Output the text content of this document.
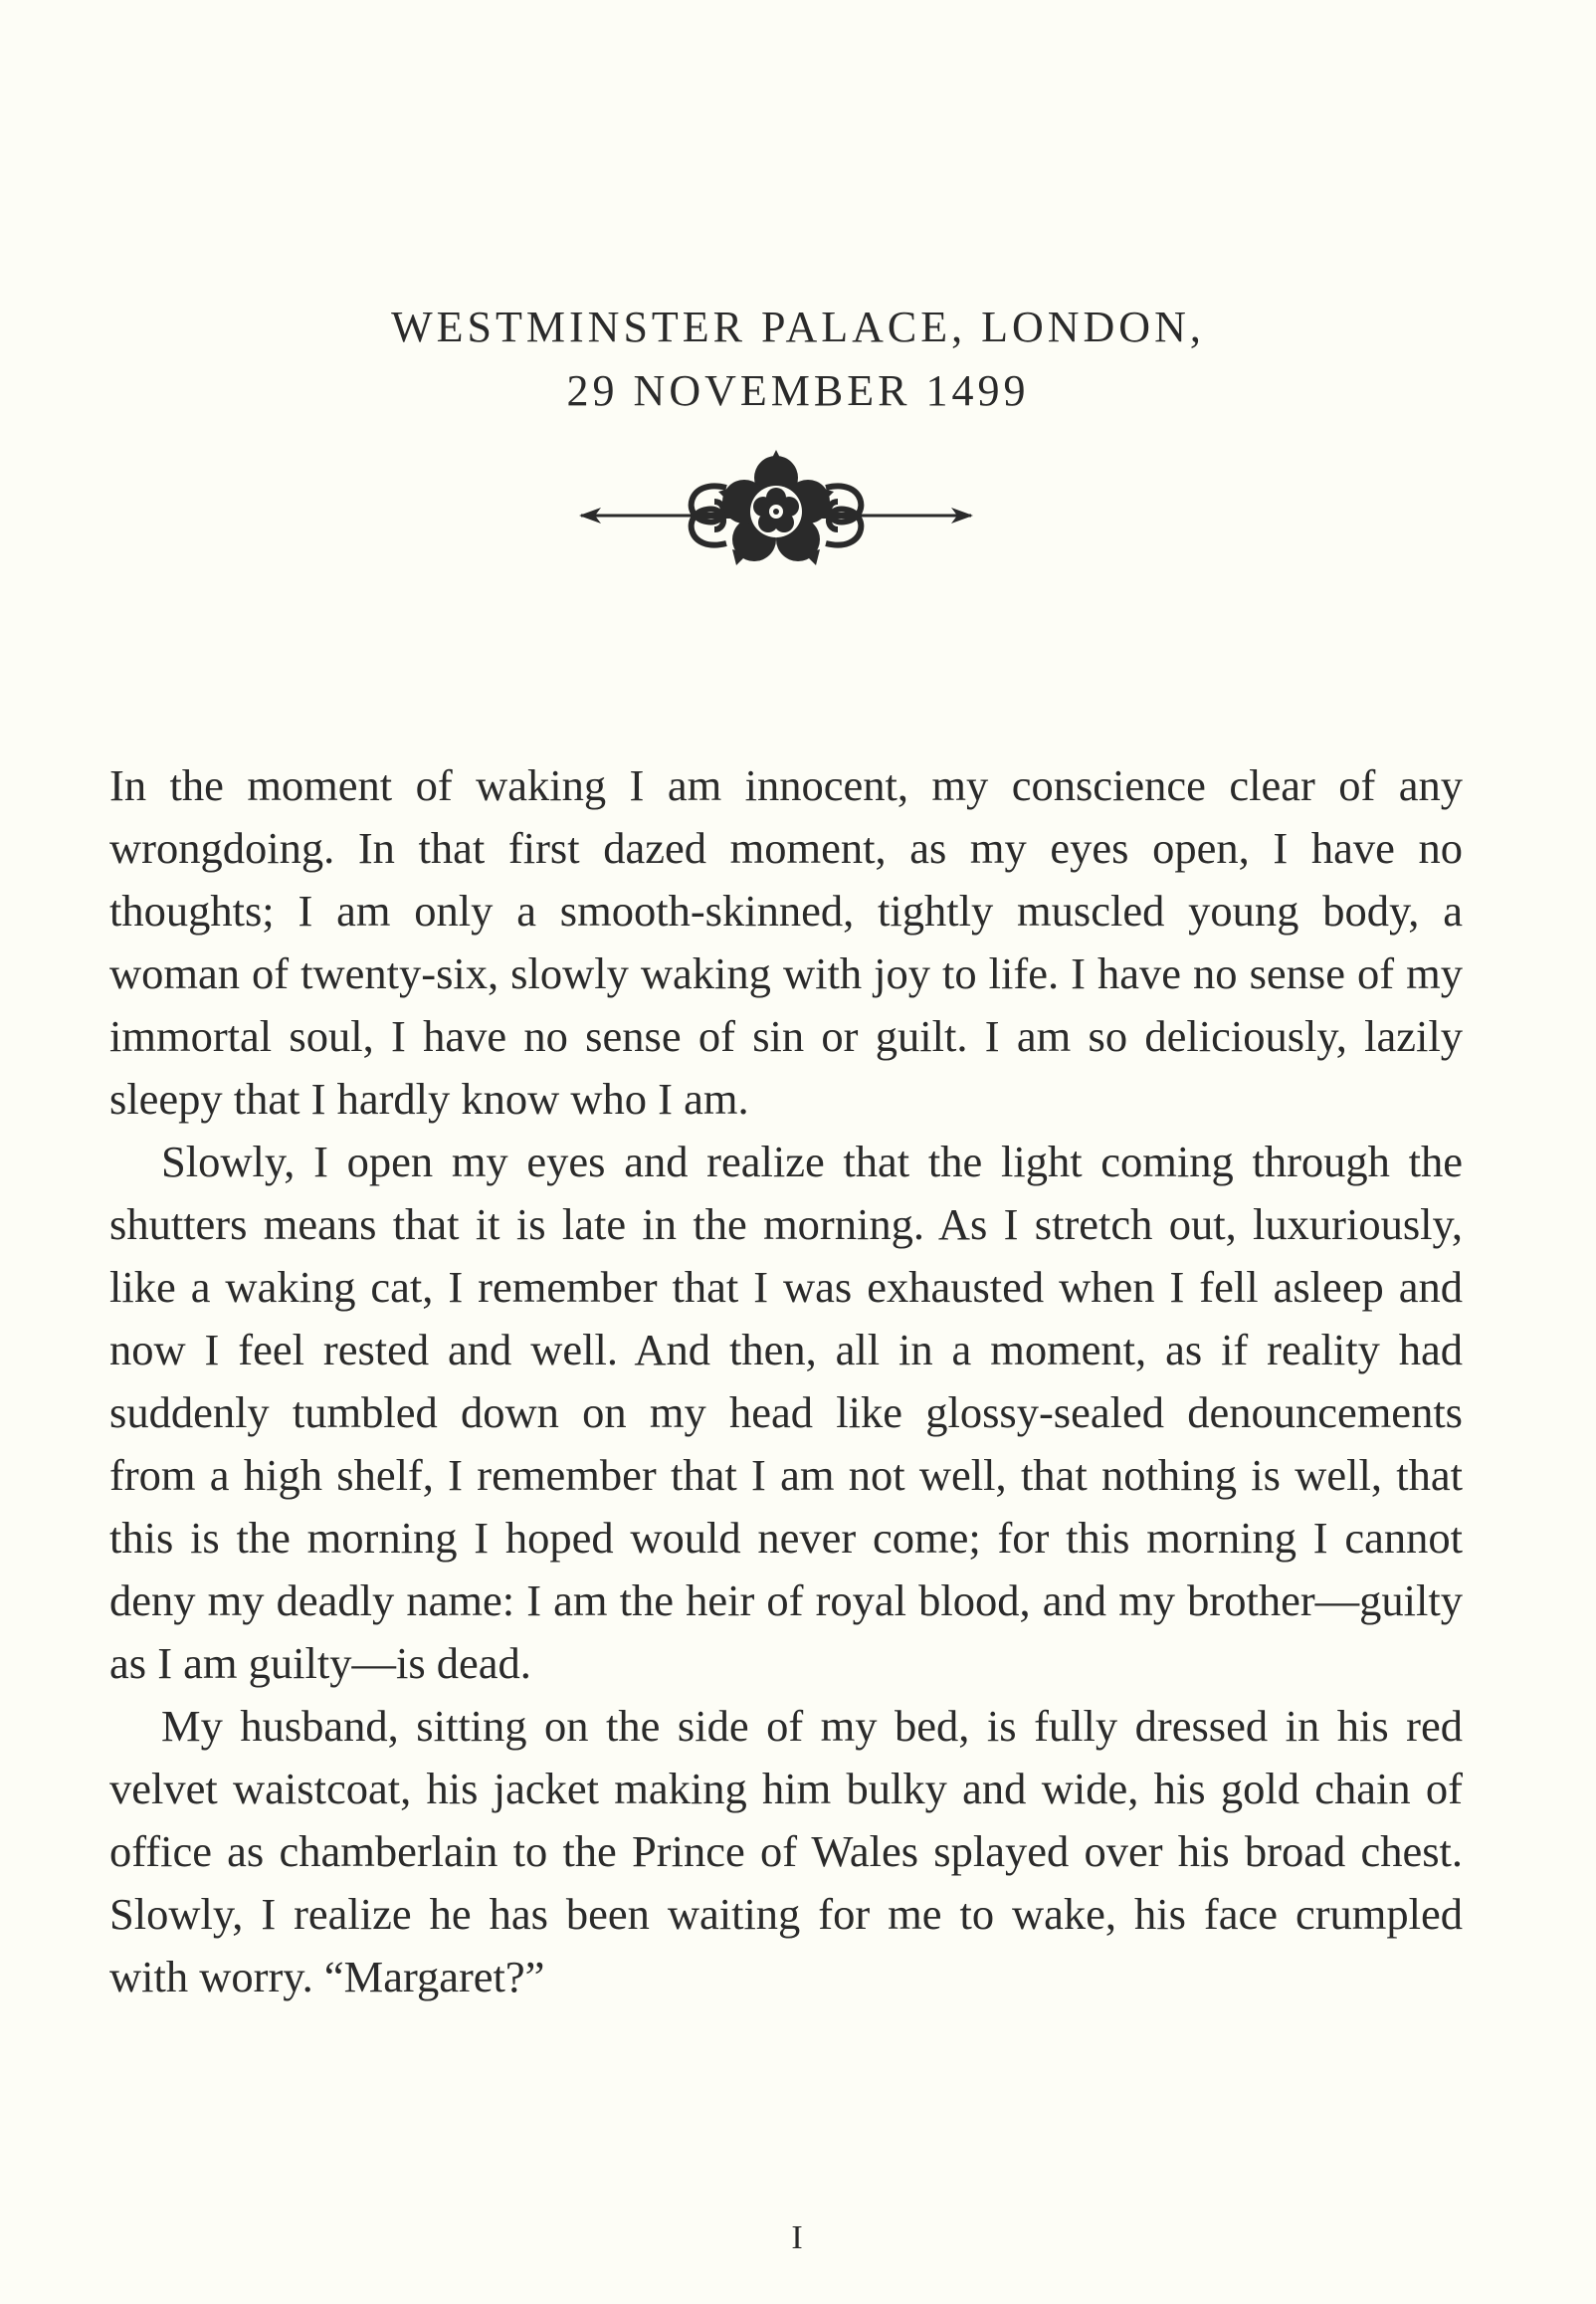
WESTMINSTER PALACE, LONDON,
29 NOVEMBER 1499

In the moment of waking I am innocent, my conscience clear of any wrongdoing. In that first dazed moment, as my eyes open, I have no thoughts; I am only a smooth-skinned, tightly muscled young body, a woman of twenty-six, slowly waking with joy to life. I have no sense of my immortal soul, I have no sense of sin or guilt. I am so deliciously, lazily sleepy that I hardly know who I am.

Slowly, I open my eyes and realize that the light coming through the shutters means that it is late in the morning. As I stretch out, luxuriously, like a waking cat, I remember that I was exhausted when I fell asleep and now I feel rested and well. And then, all in a moment, as if reality had suddenly tumbled down on my head like glossy-sealed denouncements from a high shelf, I remember that I am not well, that nothing is well, that this is the morning I hoped would never come; for this morning I cannot deny my deadly name: I am the heir of royal blood, and my brother—guilty as I am guilty—is dead.

My husband, sitting on the side of my bed, is fully dressed in his red velvet waistcoat, his jacket making him bulky and wide, his gold chain of office as chamberlain to the Prince of Wales splayed over his broad chest. Slowly, I realize he has been waiting for me to wake, his face crumpled with worry. “Margaret?”

I
